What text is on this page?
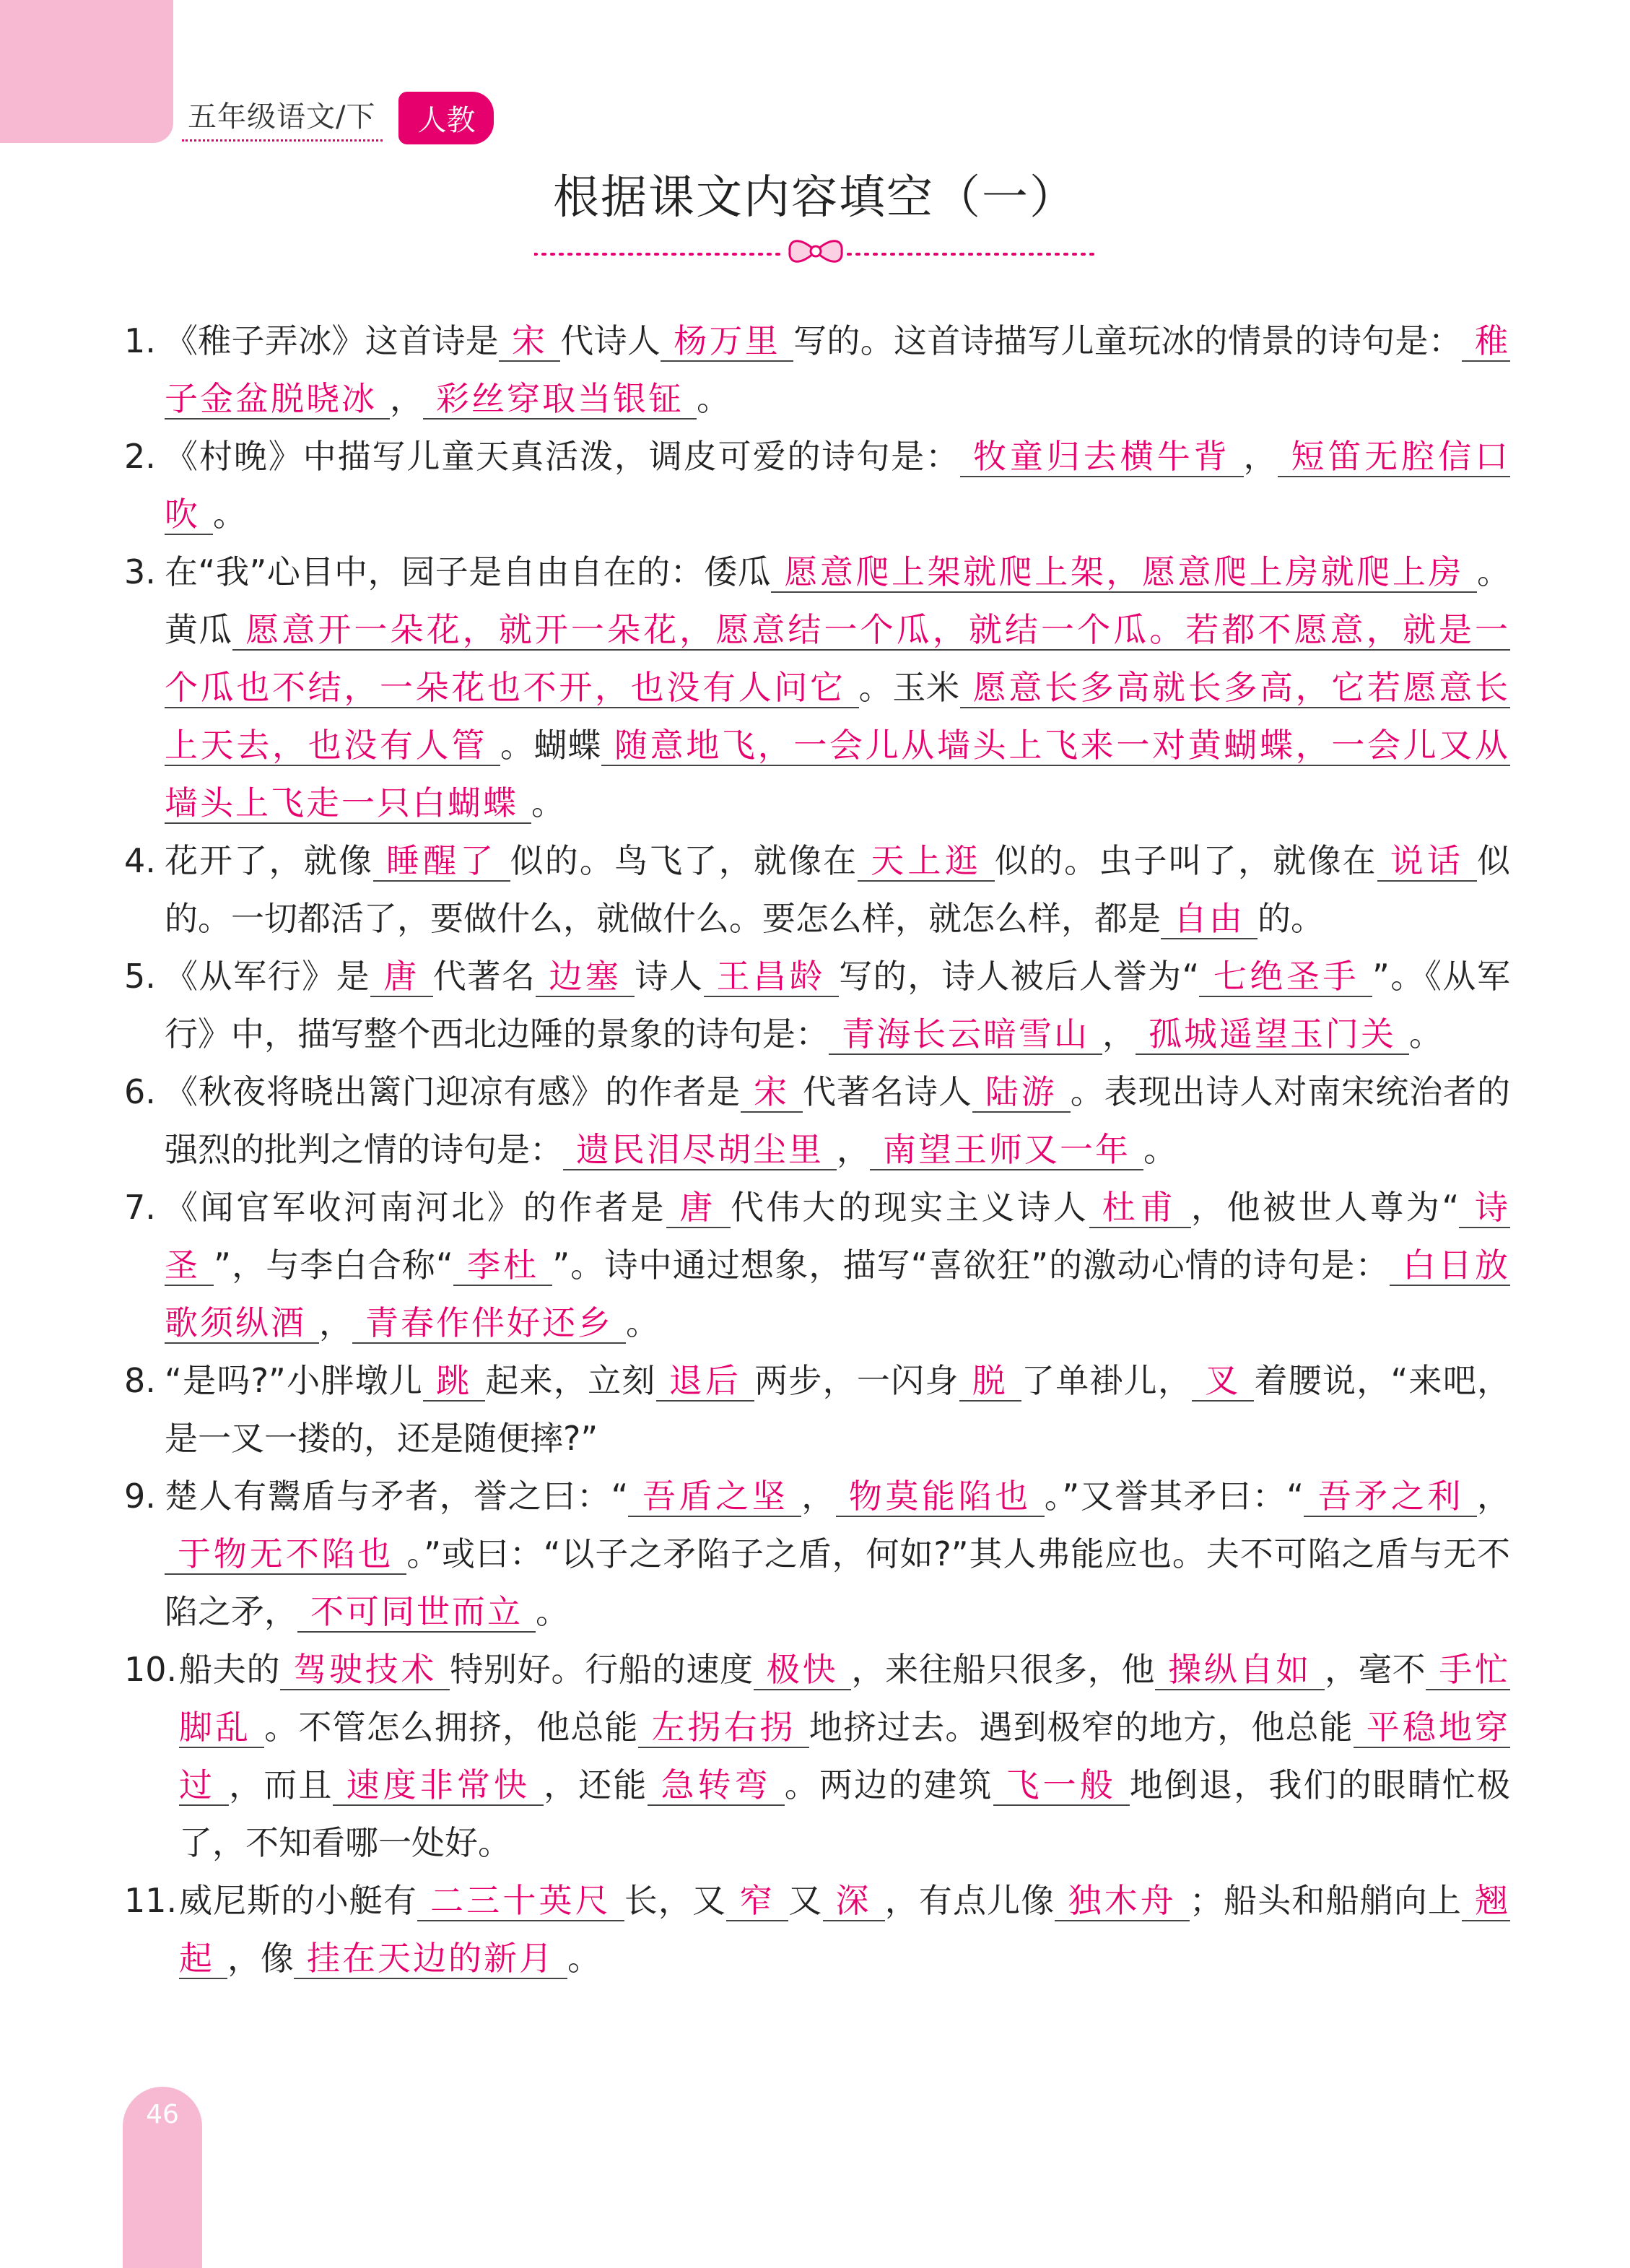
五年级语文/下	人教
根据课文内容填空（一）
1. 《稚子弄冰》这首诗是 宋 代诗人 杨万里 写的。这首诗描写儿童玩冰的情景的诗句是： 稚子金盆脱晓冰 ， 彩丝穿取当银钲 。
2. 《村晚》中描写儿童天真活泼，调皮可爱的诗句是： 牧童归去横牛背 ， 短笛无腔信口吹 。
3. 在“我”心目中，园子是自由自在的：倭瓜 愿意爬上架就爬上架，愿意爬上房就爬上房 。黄瓜 愿意开一朵花，就开一朵花，愿意结一个瓜，就结一个瓜。若都不愿意，就是一个瓜也不结，一朵花也不开，也没有人问它 。玉米 愿意长多高就长多高，它若愿意长上天去，也没有人管 。蝴蝶 随意地飞，一会儿从墙头上飞来一对黄蝴蝶，一会儿又从墙头上飞走一只白蝴蝶 。
4. 花开了，就像 睡醒了 似的。鸟飞了，就像在 天上逛 似的。虫子叫了，就像在 说话 似的。一切都活了，要做什么，就做什么。要怎么样，就怎么样，都是 自由 的。
5. 《从军行》是 唐 代著名 边塞 诗人 王昌龄 写的，诗人被后人誉为“ 七绝圣手 ”。《从军行》中，描写整个西北边陲的景象的诗句是： 青海长云暗雪山 ， 孤城遥望玉门关 。
6. 《秋夜将晓出篱门迎凉有感》的作者是 宋 代著名诗人 陆游 。表现出诗人对南宋统治者的强烈的批判之情的诗句是： 遗民泪尽胡尘里 ， 南望王师又一年 。
7. 《闻官军收河南河北》的作者是 唐 代伟大的现实主义诗人 杜甫 ，他被世人尊为“ 诗圣 ”，与李白合称“ 李杜 ”。诗中通过想象，描写“喜欲狂”的激动心情的诗句是： 白日放歌须纵酒 ， 青春作伴好还乡 。
8. “是吗?”小胖墩儿 跳 起来，立刻 退后 两步，一闪身 脱 了单褂儿， 叉 着腰说，“来吧，是一叉一搂的，还是随便摔?”
9. 楚人有鬻盾与矛者，誉之曰：“ 吾盾之坚 ， 物莫能陷也 。”又誉其矛曰：“ 吾矛之利 ，于物无不陷也 。”或曰：“以子之矛陷子之盾，何如?”其人弗能应也。夫不可陷之盾与无不陷之矛， 不可同世而立 。
10. 船夫的 驾驶技术 特别好。行船的速度 极快 ，来往船只很多，他 操纵自如 ，毫不 手忙脚乱 。不管怎么拥挤，他总能 左拐右拐 地挤过去。遇到极窄的地方，他总能 平稳地穿过 ，而且 速度非常快 ，还能 急转弯 。两边的建筑 飞一般 地倒退，我们的眼睛忙极了，不知看哪一处好。
11. 威尼斯的小艇有 二三十英尺 长，又 窄 又 深 ，有点儿像 独木舟 ；船头和船艄向上 翘起 ，像 挂在天边的新月 。
46
